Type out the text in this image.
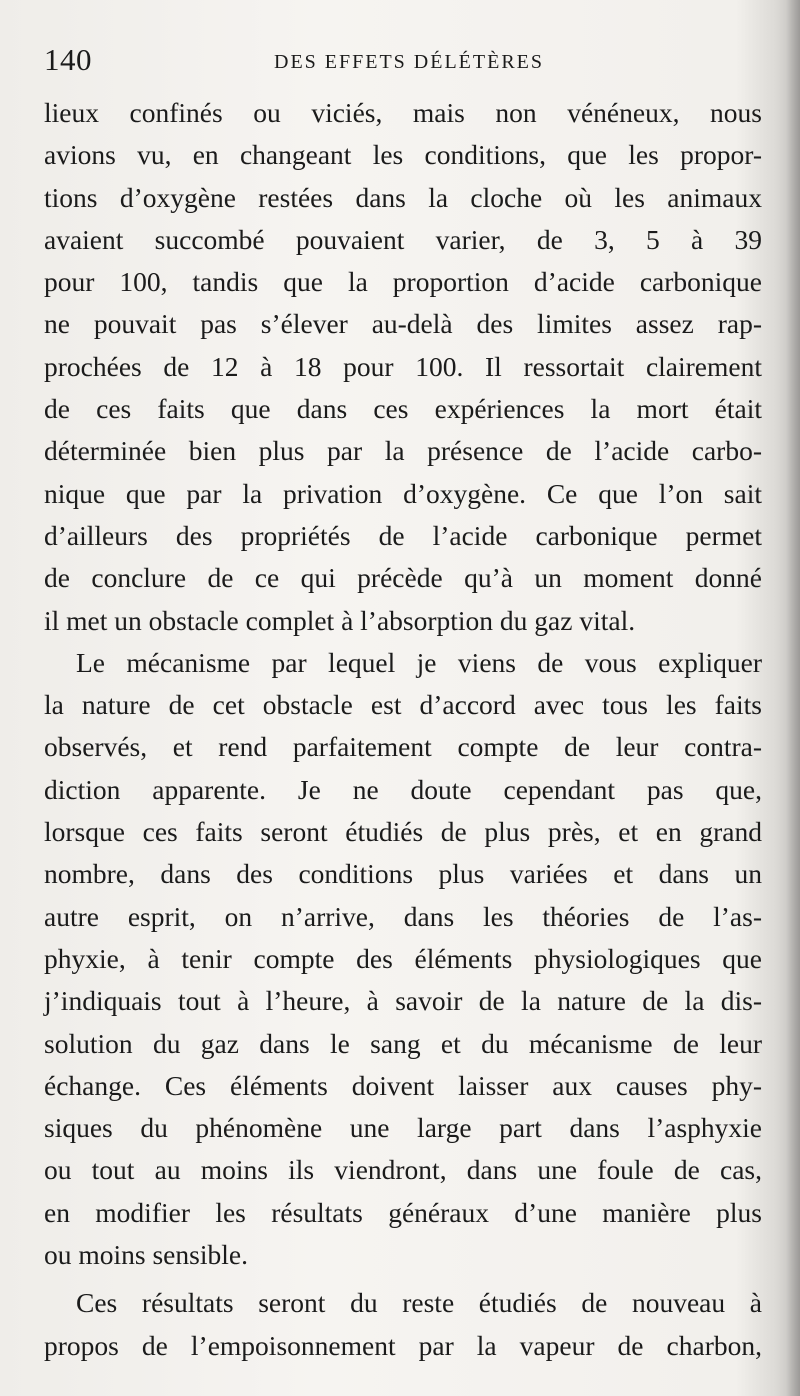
140	DES EFFETS DÉLÉTÈRES

lieux confinés ou viciés, mais non vénéneux, nous

avions vu, en changeant les conditions, que les propor-

tions d’oxygène restées dans la cloche où les animaux

avaient succombé pouvaient varier, de 3, 5 à 39

pour 100, tandis que la proportion d’acide carbonique

ne pouvait pas s’élever au-delà des limites assez rap-

prochées de 12 à 18 pour 100. Il ressortait clairement

de ces faits que dans ces expériences la mort était

déterminée bien plus par la présence de l’acide carbo-

nique que par la privation d’oxygène. Ce que l’on sait

d’ailleurs des propriétés de l’acide carbonique permet

de conclure de ce qui précède qu’à un moment donné

il met un obstacle complet à l’absorption du gaz vital.

Le mécanisme par lequel je viens de vous expliquer

la nature de cet obstacle est d’accord avec tous les faits

observés, et rend parfaitement compte de leur contra-

diction apparente. Je ne doute cependant pas que,

lorsque ces faits seront étudiés de plus près, et en grand

nombre, dans des conditions plus variées et dans un

autre esprit, on n’arrive, dans les théories de l’as-

phyxie, à tenir compte des éléments physiologiques que

j’indiquais tout à l’heure, à savoir de la nature de la dis-

solution du gaz dans le sang et du mécanisme de leur

échange. Ces éléments doivent laisser aux causes phy-

siques du phénomène une large part dans l’asphyxie

ou tout au moins ils viendront, dans une foule de cas,

en modifier les résultats généraux d’une manière plus

ou moins sensible.

Ces résultats seront du reste étudiés de nouveau à

propos de l’empoisonnement par la vapeur de charbon,
